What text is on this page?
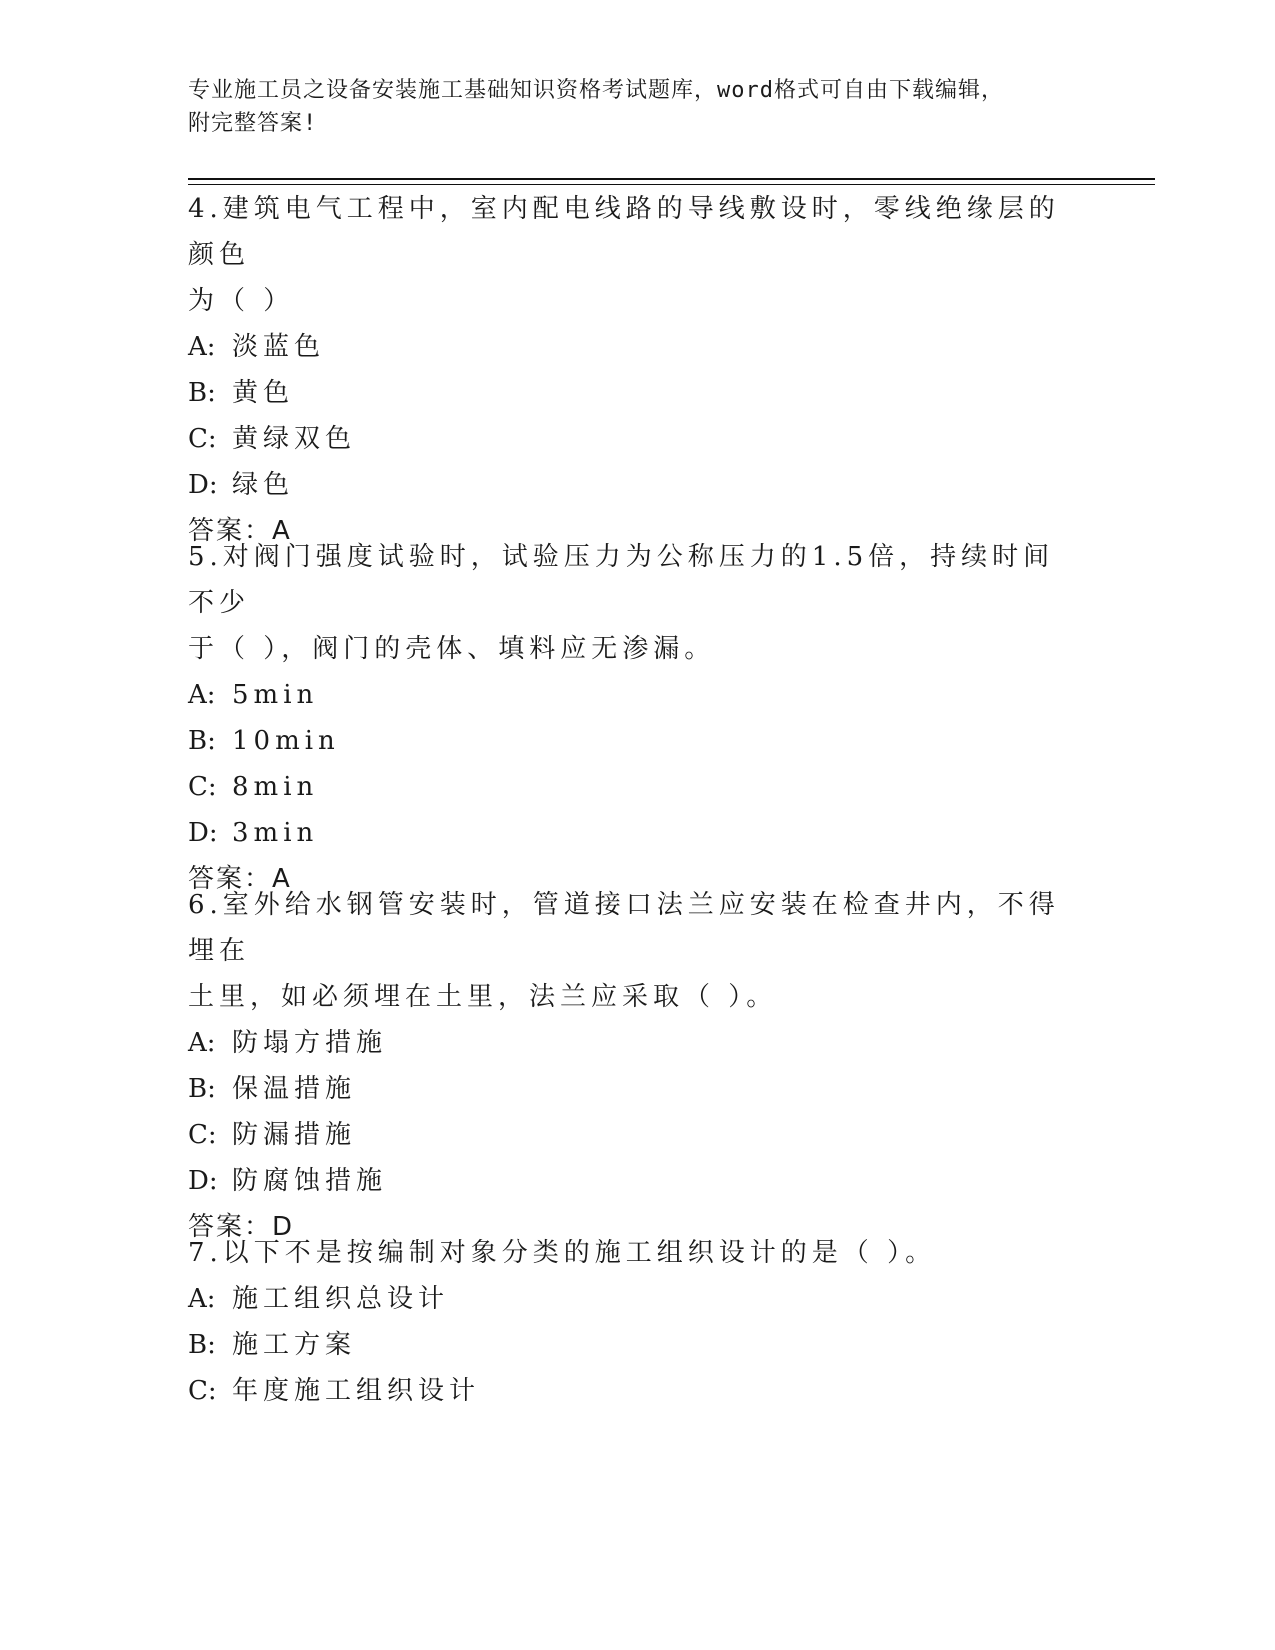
专业施工员之设备安装施工基础知识资格考试题库，word格式可自由下载编辑，
附完整答案!

4.建筑电气工程中，室内配电线路的导线敷设时，零线绝缘层的颜色

为（ ）

A: 淡蓝色

B: 黄色

C: 黄绿双色

D: 绿色

答案：A

5.对阀门强度试验时，试验压力为公称压力的1.5倍，持续时间不少

于（ ），阀门的壳体、填料应无渗漏。

A: 5min

B: 10min

C: 8min

D: 3min

答案：A

6.室外给水钢管安装时，管道接口法兰应安装在检查井内，不得埋在

土里，如必须埋在土里，法兰应采取（ ）。

A: 防塌方措施

B: 保温措施

C: 防漏措施

D: 防腐蚀措施

答案：D

7.以下不是按编制对象分类的施工组织设计的是（ ）。

A: 施工组织总设计

B: 施工方案

C: 年度施工组织设计
